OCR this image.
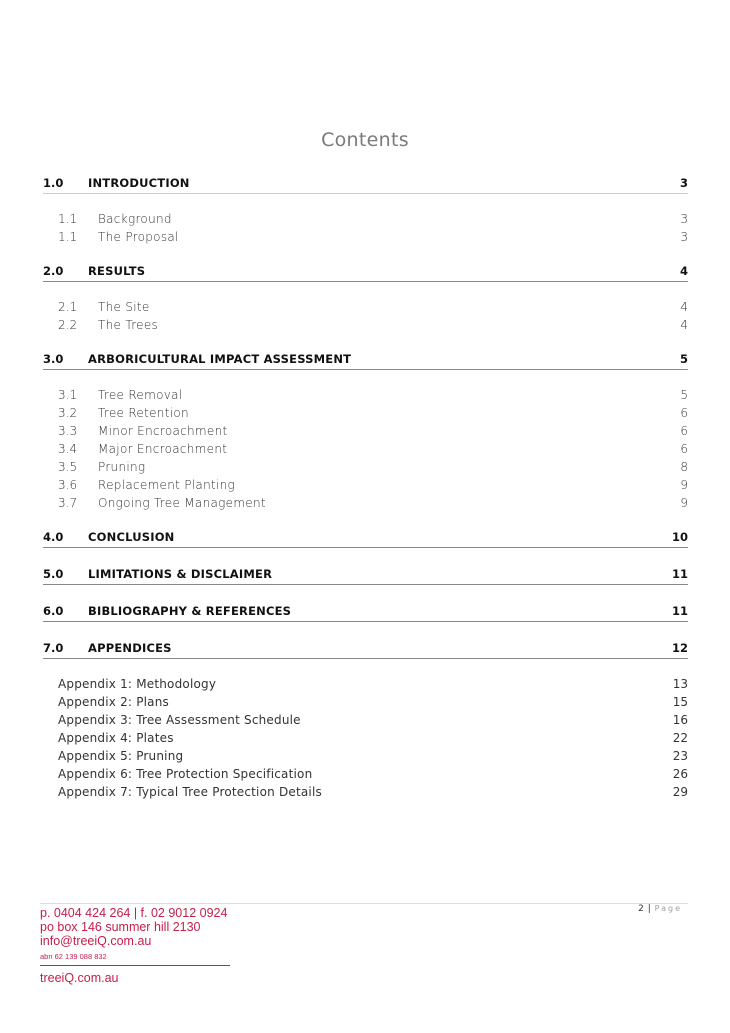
Contents
1.0 INTRODUCTION	3
1.1 Background	3
1.1 The Proposal	3
2.0 RESULTS	4
2.1 The Site	4
2.2 The Trees	4
3.0 ARBORICULTURAL IMPACT ASSESSMENT	5
3.1 Tree Removal	5
3.2 Tree Retention	6
3.3 Minor Encroachment	6
3.4 Major Encroachment	6
3.5 Pruning	8
3.6 Replacement Planting	9
3.7 Ongoing Tree Management	9
4.0 CONCLUSION	10
5.0 LIMITATIONS & DISCLAIMER	11
6.0 BIBLIOGRAPHY & REFERENCES	11
7.0 APPENDICES	12
Appendix 1: Methodology	13
Appendix 2: Plans	15
Appendix 3: Tree Assessment Schedule	16
Appendix 4: Plates	22
Appendix 5: Pruning	23
Appendix 6: Tree Protection Specification	26
Appendix 7: Typical Tree Protection Details	29
2 | Page
p. 0404 424 264 | f. 02 9012 0924
po box 146 summer hill 2130
info@treeiQ.com.au
abn 62 139 088 832
treeiQ.com.au
